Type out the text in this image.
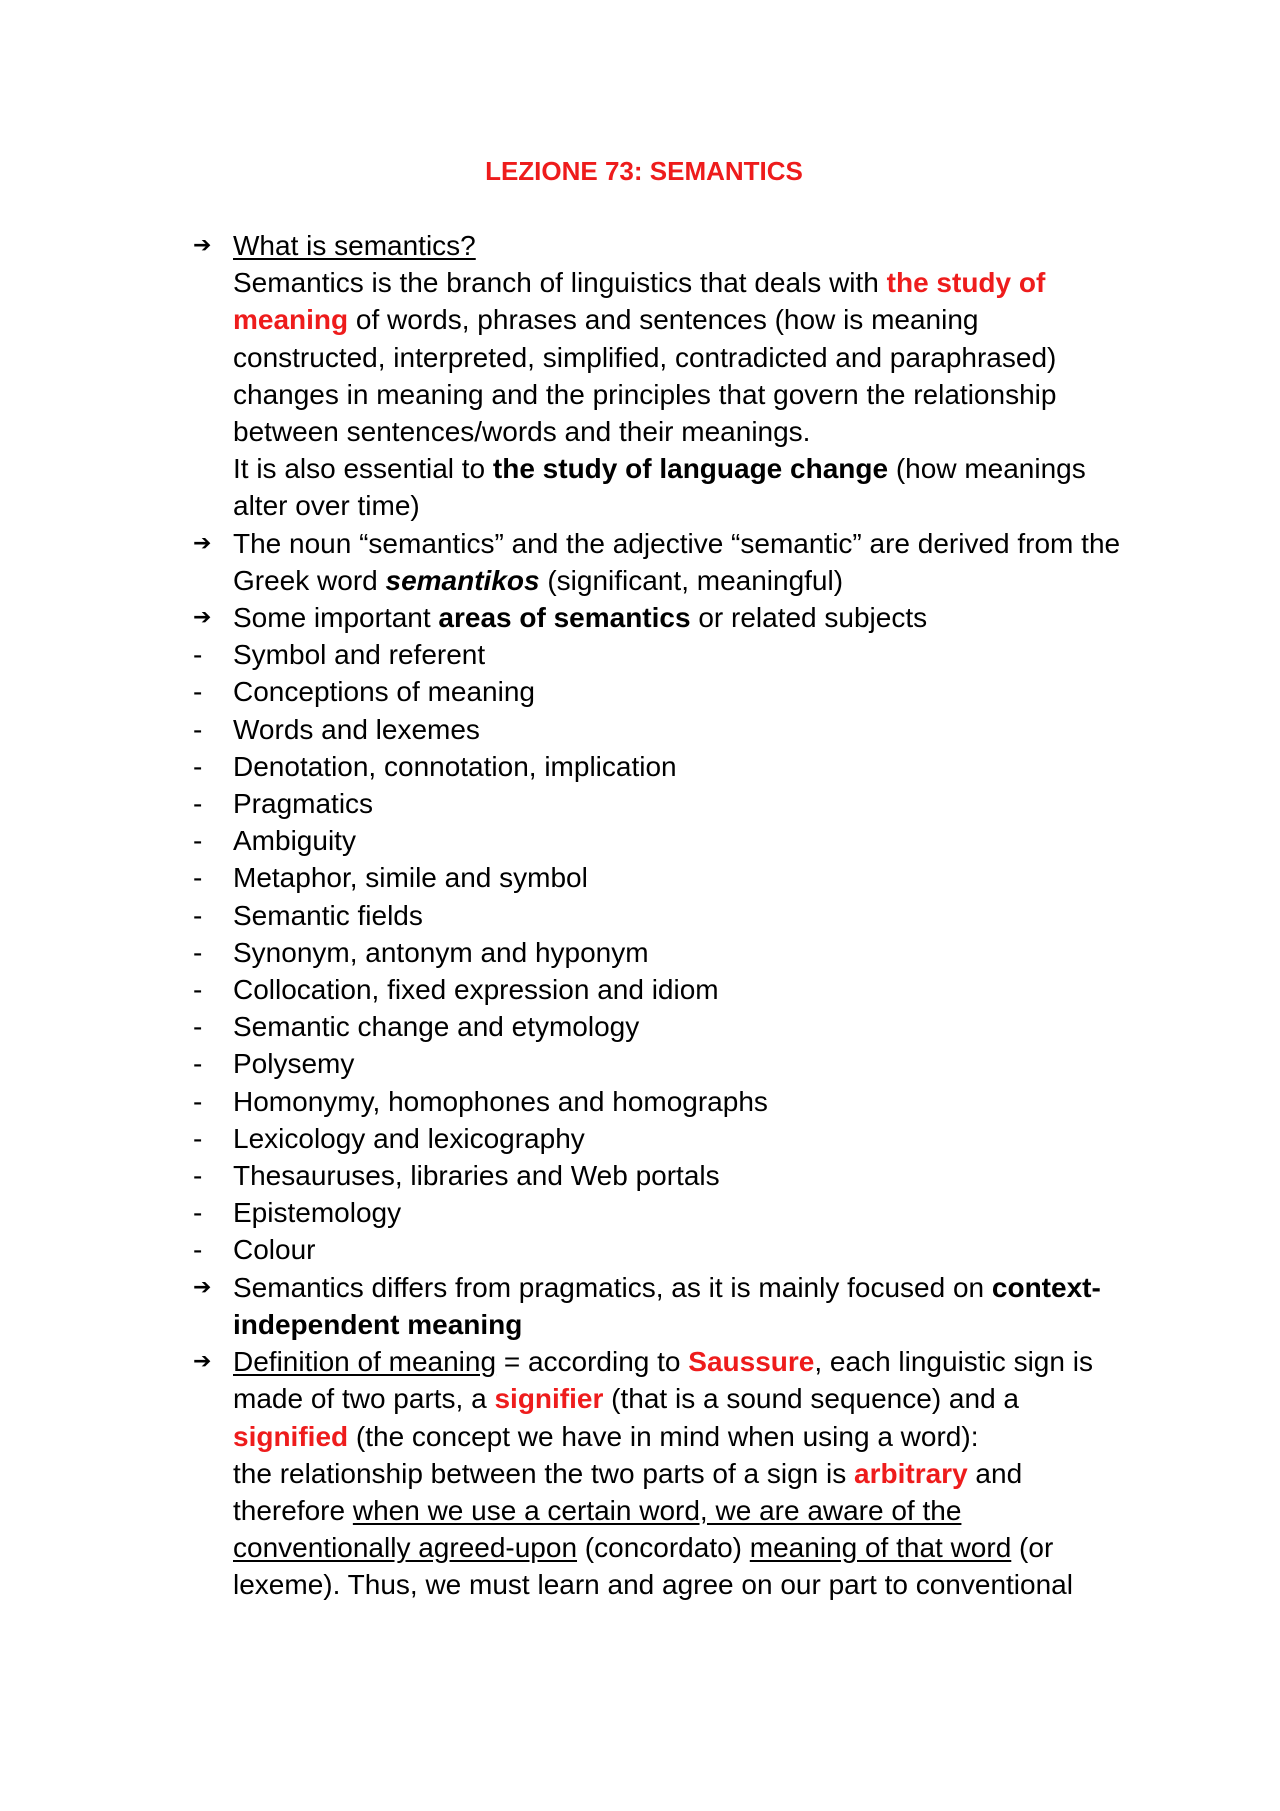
LEZIONE 73: SEMANTICS
➔ What is semantics?
Semantics is the branch of linguistics that deals with the study of meaning of words, phrases and sentences (how is meaning constructed, interpreted, simplified, contradicted and paraphrased) changes in meaning and the principles that govern the relationship between sentences/words and their meanings.
It is also essential to the study of language change (how meanings alter over time)
➔ The noun “semantics” and the adjective “semantic” are derived from the Greek word semantikos (significant, meaningful)
➔ Some important areas of semantics or related subjects
-	Symbol and referent
-	Conceptions of meaning
-	Words and lexemes
-	Denotation, connotation, implication
-	Pragmatics
-	Ambiguity
-	Metaphor, simile and symbol
-	Semantic fields
-	Synonym, antonym and hyponym
-	Collocation, fixed expression and idiom
-	Semantic change and etymology
-	Polysemy
-	Homonymy, homophones and homographs
-	Lexicology and lexicography
-	Thesauruses, libraries and Web portals
-	Epistemology
-	Colour
➔ Semantics differs from pragmatics, as it is mainly focused on context-independent meaning
➔ Definition of meaning = according to Saussure, each linguistic sign is made of two parts, a signifier (that is a sound sequence) and a signified (the concept we have in mind when using a word):
the relationship between the two parts of a sign is arbitrary and therefore when we use a certain word, we are aware of the conventionally agreed-upon (concordato) meaning of that word (or lexeme). Thus, we must learn and agree on our part to conventional
